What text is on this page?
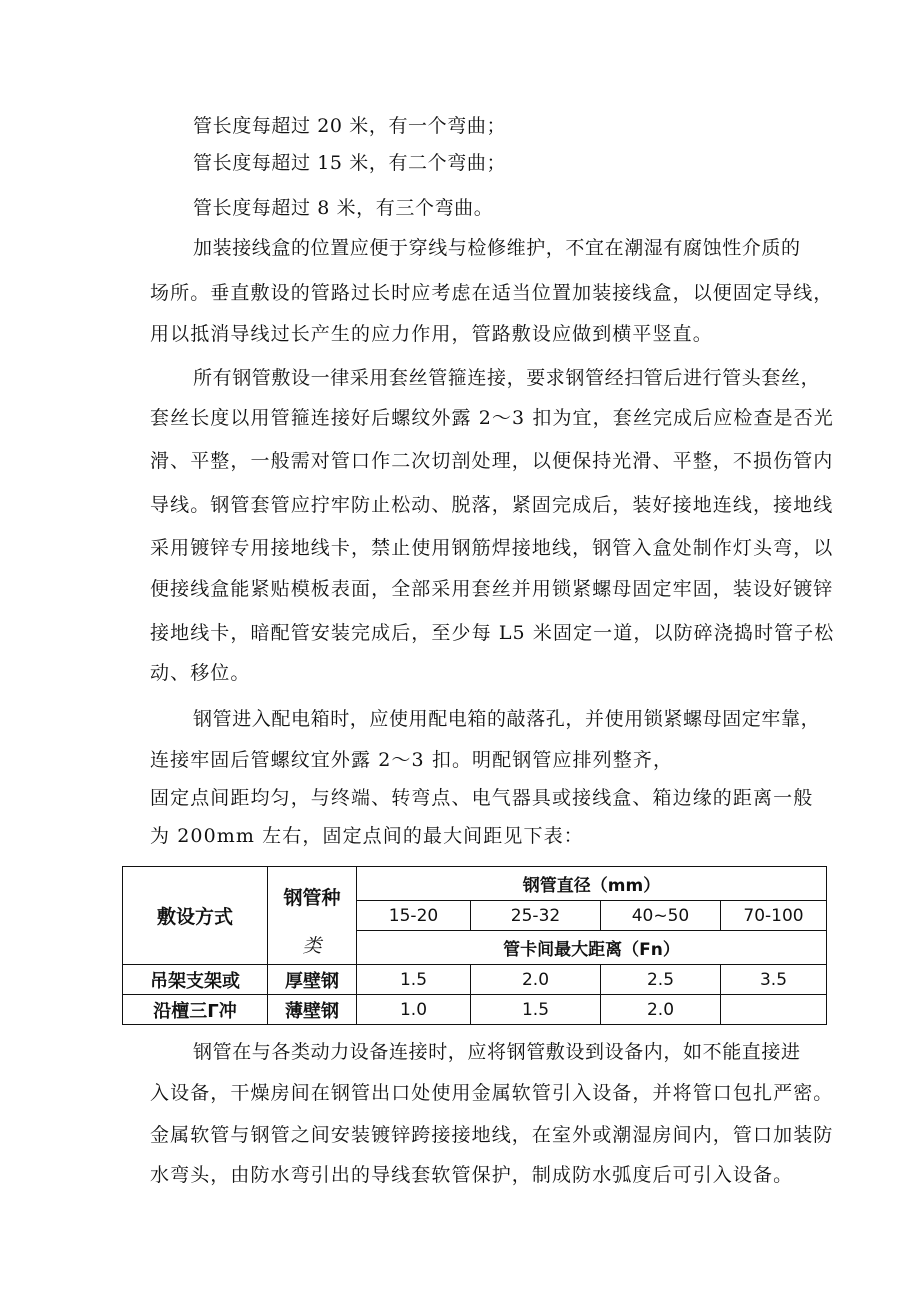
管长度每超过 20 米，有一个弯曲；
管长度每超过 15 米，有二个弯曲；
管长度每超过 8 米，有三个弯曲。
加装接线盒的位置应便于穿线与检修维护，不宜在潮湿有腐蚀性介质的
场所。垂直敷设的管路过长时应考虑在适当位置加装接线盒，以便固定导线，
用以抵消导线过长产生的应力作用，管路敷设应做到横平竖直。
所有钢管敷设一律采用套丝管箍连接，要求钢管经扫管后进行管头套丝，
套丝长度以用管箍连接好后螺纹外露 2～3 扣为宜，套丝完成后应检查是否光
滑、平整，一般需对管口作二次切剖处理，以便保持光滑、平整，不损伤管内
导线。钢管套管应拧牢防止松动、脱落，紧固完成后，装好接地连线，接地线
采用镀锌专用接地线卡，禁止使用钢筋焊接地线，钢管入盒处制作灯头弯，以
便接线盒能紧贴模板表面，全部采用套丝并用锁紧螺母固定牢固，装设好镀锌
接地线卡，暗配管安装完成后，至少每 L5 米固定一道，以防碎浇捣时管子松
动、移位。
钢管进入配电箱时，应使用配电箱的敲落孔，并使用锁紧螺母固定牢靠，
连接牢固后管螺纹宜外露 2～3 扣。明配钢管应排列整齐，
固定点间距均匀，与终端、转弯点、电气器具或接线盒、箱边缘的距离一般
为 200mm 左右，固定点间的最大间距见下表：
敷设方式	钢管种	钢管直径（mm）			
		15-20	25-32	40~50	70-100
	类	管卡间最大距离（Fn）			
吊架支架或	厚壁钢	1.5	2.0	2.5	3.5
沿檀三Γ冲	薄壁钢	1.0	1.5	2.0	
钢管在与各类动力设备连接时，应将钢管敷设到设备内，如不能直接进
入设备，干燥房间在钢管出口处使用金属软管引入设备，并将管口包扎严密。
金属软管与钢管之间安装镀锌跨接接地线，在室外或潮湿房间内，管口加装防
水弯头，由防水弯引出的导线套软管保护，制成防水弧度后可引入设备。
